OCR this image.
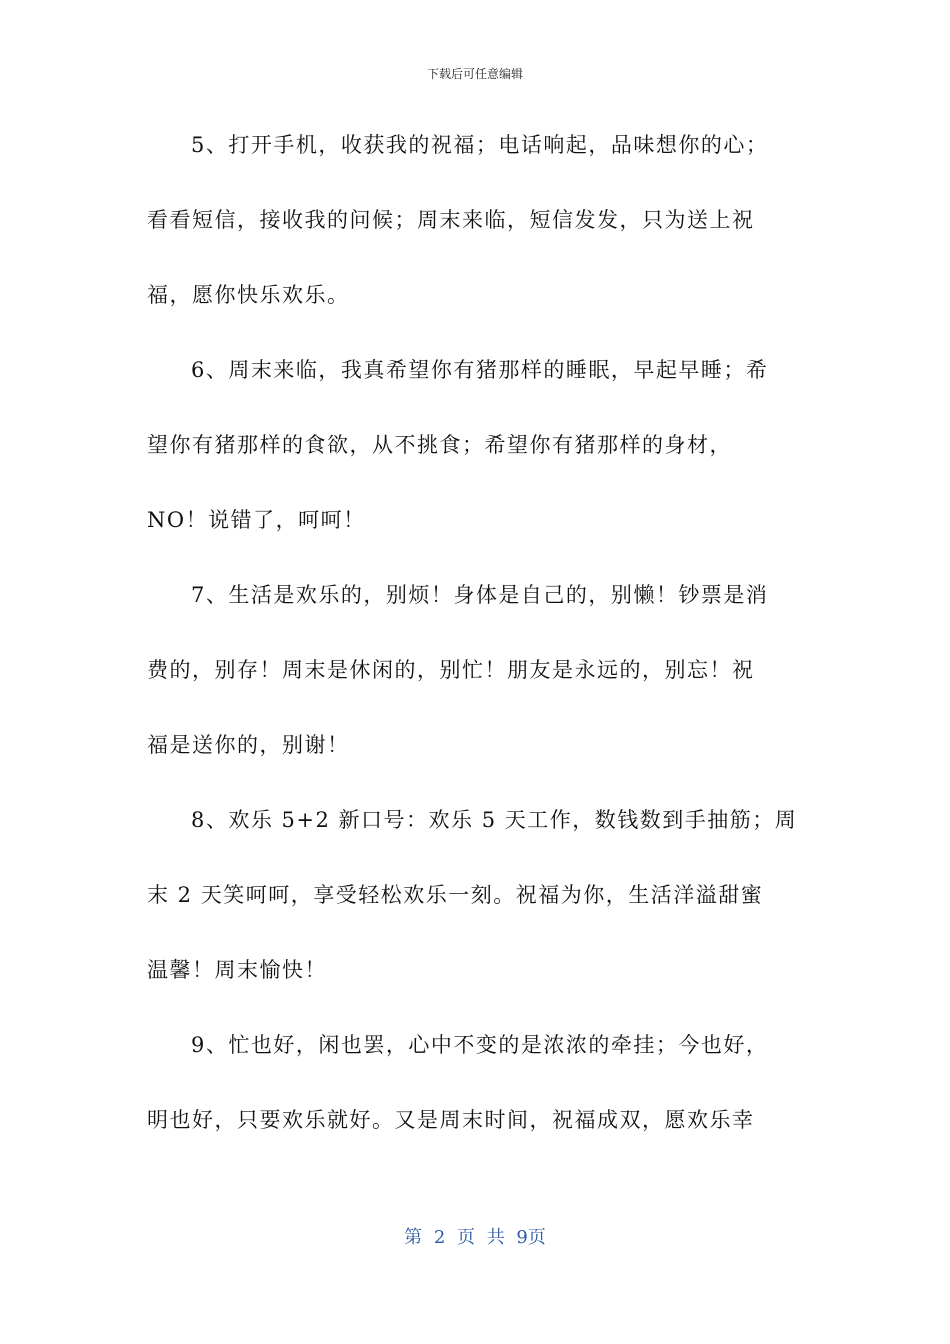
下载后可任意编辑
5、打开手机，收获我的祝福；电话响起，品味想你的心；
看看短信，接收我的问候；周末来临，短信发发，只为送上祝
福，愿你快乐欢乐。
6、周末来临，我真希望你有猪那样的睡眠，早起早睡；希
望你有猪那样的食欲，从不挑食；希望你有猪那样的身材，
NO！说错了，呵呵！
7、生活是欢乐的，别烦！身体是自己的，别懒！钞票是消
费的，别存！周末是休闲的，别忙！朋友是永远的，别忘！祝
福是送你的，别谢！
8、欢乐 5+2 新口号：欢乐 5 天工作，数钱数到手抽筋；周
末 2 天笑呵呵，享受轻松欢乐一刻。祝福为你，生活洋溢甜蜜
温馨！周末愉快！
9、忙也好，闲也罢，心中不变的是浓浓的牵挂；今也好，
明也好，只要欢乐就好。又是周末时间，祝福成双，愿欢乐幸
第 2 页 共 9页
